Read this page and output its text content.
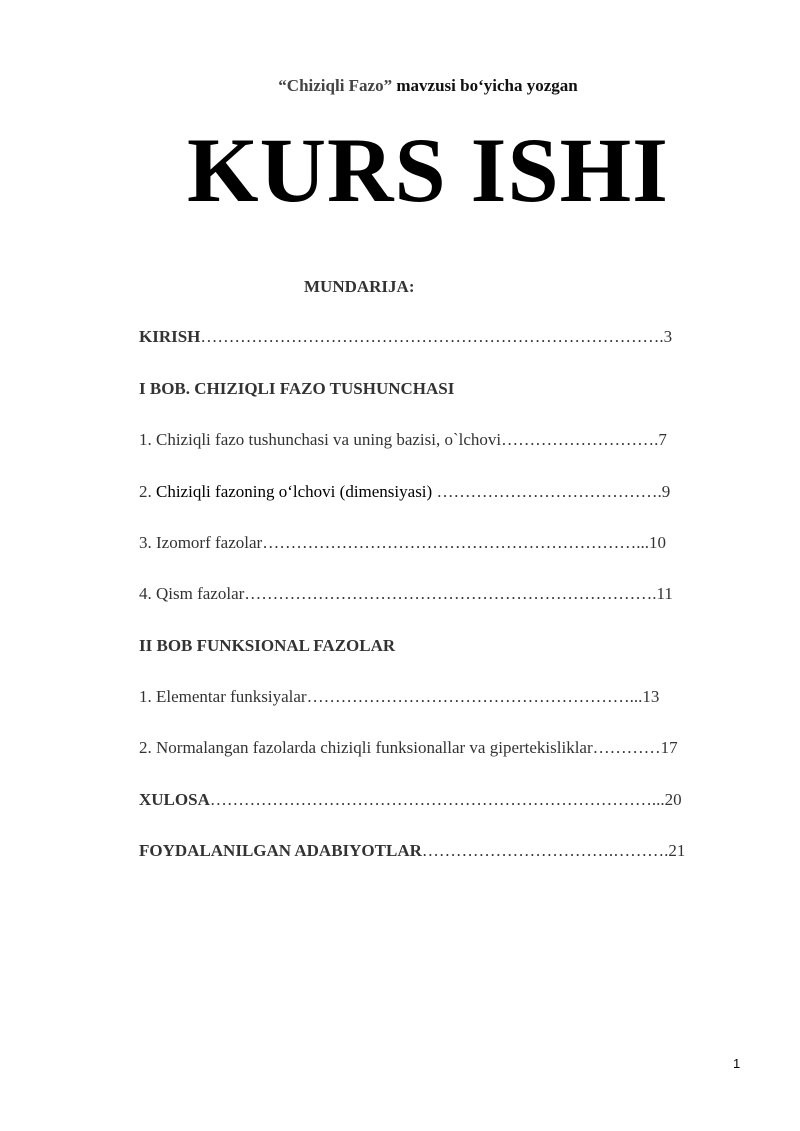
“Chiziqli Fazo” mavzusi bo‘yicha yozgan
KURS ISHI
MUNDARIJA:
KIRISH……………………………………………………………………….3
I BOB. CHIZIQLI FAZO TUSHUNCHASI
1. Chiziqli fazo tushunchasi va uning bazisi, o`lchovi……………………….7
2. Chiziqli fazoning o‘lchovi (dimensiyasi) ………………………………….9
3. Izomorf fazolar…………………………………………………………...10
4. Qism fazolar……………………………………………………………….11
II BOB FUNKSIONAL FAZOLAR
1. Elementar funksiyalar…………………………………………………...13
2. Normalangan fazolarda chiziqli funksionallar va gipertekisliklar…………17
XULOSA……………………………………………………………………...20
FOYDALANILGAN ADABIYOTLAR…………………………….……….21
1
